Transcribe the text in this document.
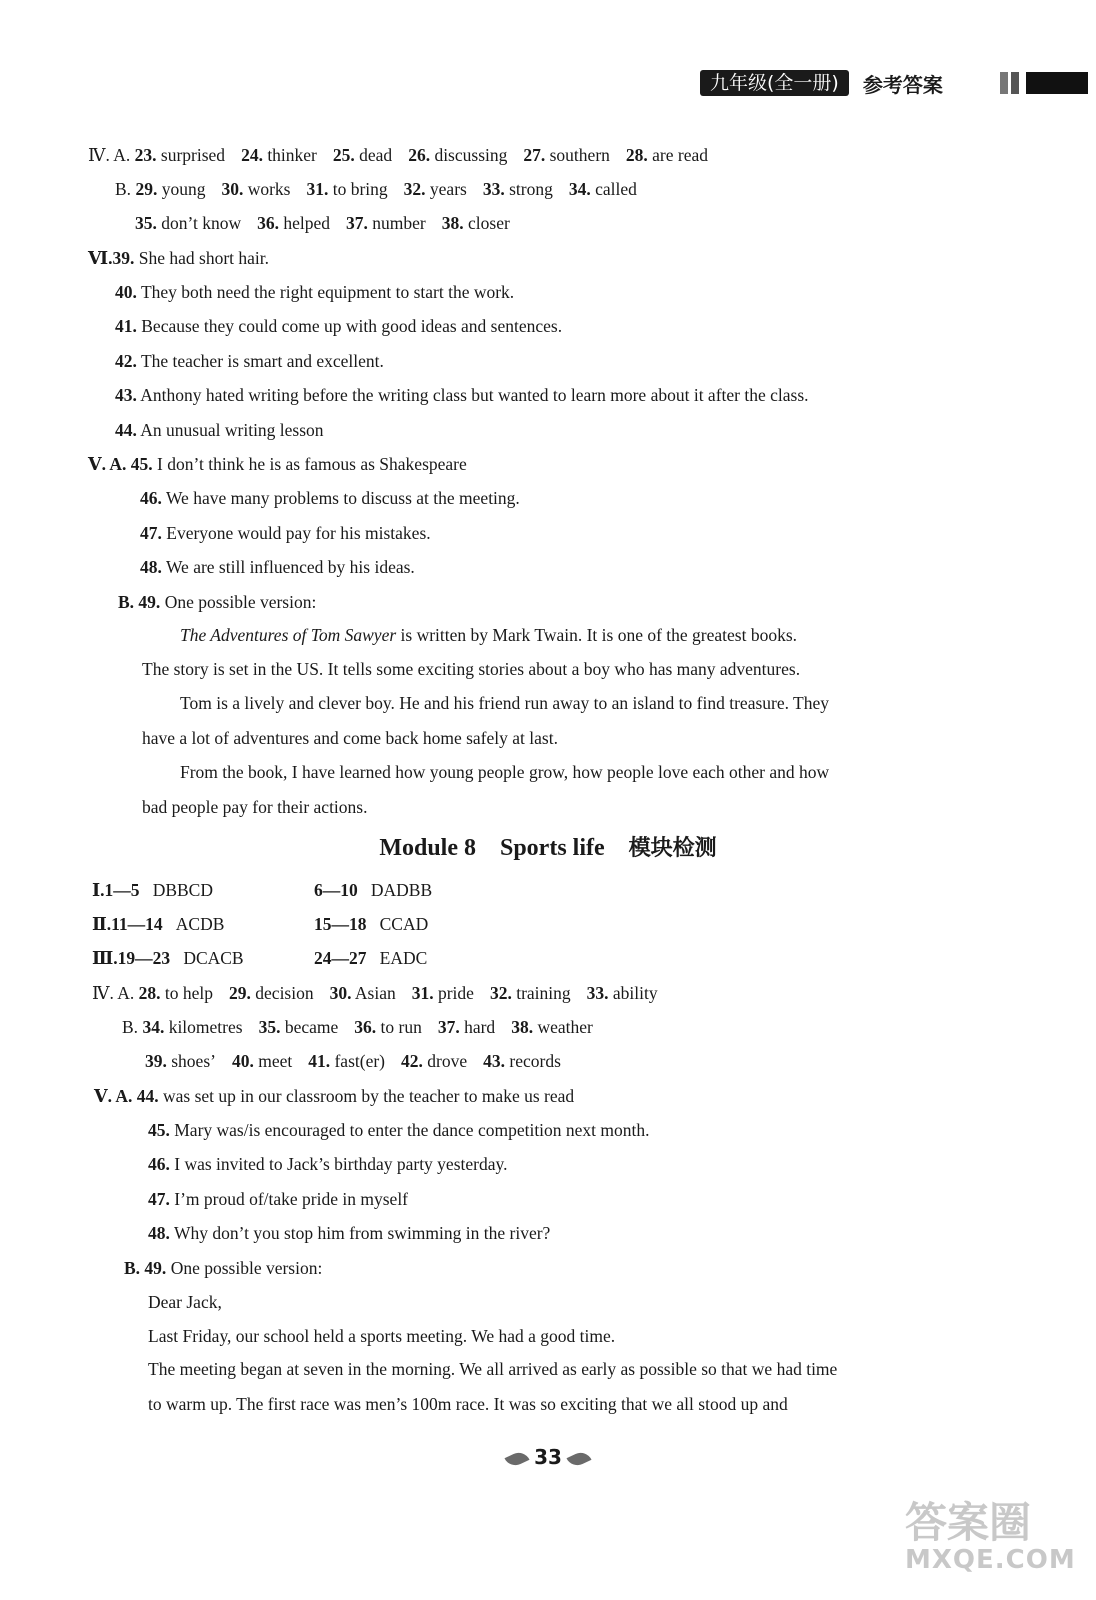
九年级(全一册)	参考答案
Ⅳ. A. 23. surprised 24. thinker 25. dead 26. discussing 27. southern 28. are read
B. 29. young 30. works 31. to bring 32. years 33. strong 34. called
35. don’t know 36. helped 37. number 38. closer
Ⅵ.39. She had short hair.
40. They both need the right equipment to start the work.
41. Because they could come up with good ideas and sentences.
42. The teacher is smart and excellent.
43. Anthony hated writing before the writing class but wanted to learn more about it after the class.
44. An unusual writing lesson
Ⅴ. A. 45. I don’t think he is as famous as Shakespeare
46. We have many problems to discuss at the meeting.
47. Everyone would pay for his mistakes.
48. We are still influenced by his ideas.
B. 49. One possible version:
The Adventures of Tom Sawyer is written by Mark Twain. It is one of the greatest books.
The story is set in the US. It tells some exciting stories about a boy who has many adventures.
Tom is a lively and clever boy. He and his friend run away to an island to find treasure. They
have a lot of adventures and come back home safely at last.
From the book, I have learned how young people grow, how people love each other and how
bad people pay for their actions.
Module 8 Sports life 模块检测
Ⅰ.1—5 DBBCD	6—10 DADBB
Ⅱ.11—14 ACDB	15—18 CCAD
Ⅲ.19—23 DCACB	24—27 EADC
Ⅳ. A. 28. to help 29. decision 30. Asian 31. pride 32. training 33. ability
B. 34. kilometres 35. became 36. to run 37. hard 38. weather
39. shoes’ 40. meet 41. fast(er) 42. drove 43. records
Ⅴ. A. 44. was set up in our classroom by the teacher to make us read
45. Mary was/is encouraged to enter the dance competition next month.
46. I was invited to Jack’s birthday party yesterday.
47. I’m proud of/take pride in myself
48. Why don’t you stop him from swimming in the river?
B. 49. One possible version:
Dear Jack,
Last Friday, our school held a sports meeting. We had a good time.
The meeting began at seven in the morning. We all arrived as early as possible so that we had time
to warm up. The first race was men’s 100m race. It was so exciting that we all stood up and
33
答案圈
MXQE.COM
